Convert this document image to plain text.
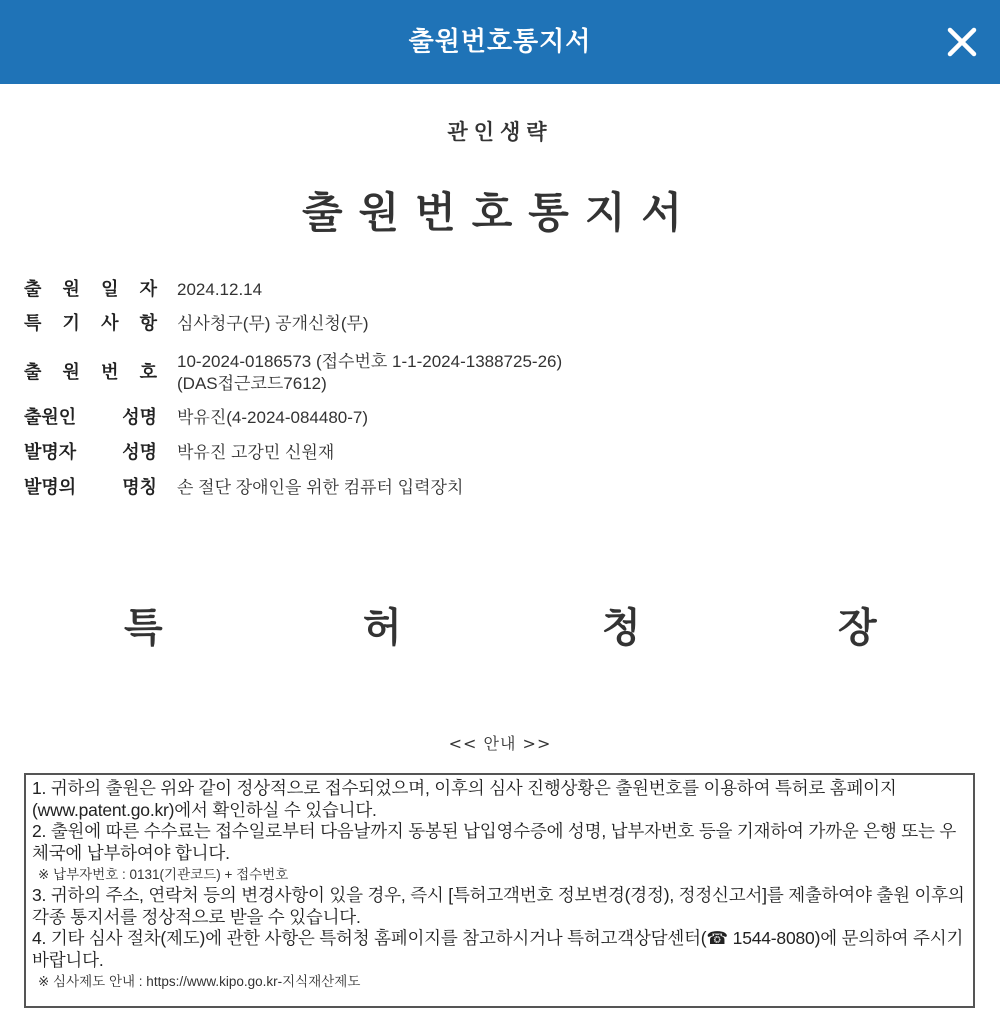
출원번호통지서
관인생략
출원번호통지서
출 원 일 자 2024.12.14
특 기 사 항 심사청구(무) 공개신청(무)
출 원 번 호
10-2024-0186573 (접수번호 1-1-2024-1388725-26)
(DAS접근코드7612)
출원인	성명 박유진(4-2024-084480-7)
발명자	성명 박유진 고강민 신원재
발명의	명칭 손 절단 장애인을 위한 컴퓨터 입력장치
특	허	청	장
<< 안내 >>
1. 귀하의 출원은 위와 같이 정상적으로 접수되었으며, 이후의 심사 진행상황은 출원번호를 이용하여 특허로 홈페이지(www.patent.go.kr)에서 확인하실 수 있습니다.
2. 출원에 따른 수수료는 접수일로부터 다음날까지 동봉된 납입영수증에 성명, 납부자번호 등을 기재하여 가까운 은행 또는 우체국에 납부하여야 합니다.
※ 납부자번호 : 0131(기관코드) + 접수번호
3. 귀하의 주소, 연락처 등의 변경사항이 있을 경우, 즉시 [특허고객번호 정보변경(경정), 정정신고서]를 제출하여야 출원 이후의 각종 통지서를 정상적으로 받을 수 있습니다.
4. 기타 심사 절차(제도)에 관한 사항은 특허청 홈페이지를 참고하시거나 특허고객상담센터(☎ 1544-8080)에 문의하여 주시기 바랍니다.
※ 심사제도 안내 : https://www.kipo.go.kr-지식재산제도
